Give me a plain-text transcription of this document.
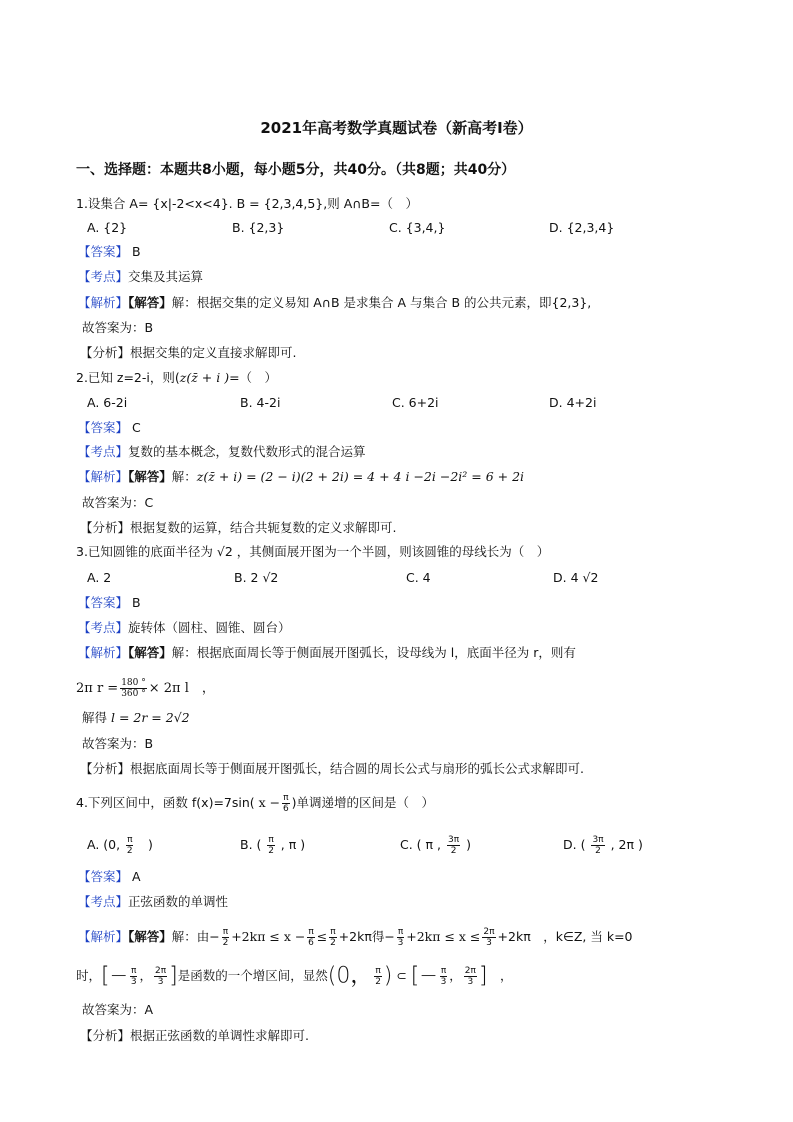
2021年高考数学真题试卷（新高考Ⅰ卷）
一、选择题：本题共8小题，每小题5分，共40分。（共8题；共40分）
1.设集合 A= {x|-2<x<4}. B = {2,3,4,5},则 A∩B=（　）
A. {2}	B. {2,3}	C. {3,4,}	D. {2,3,4}
【答案】 B
【考点】交集及其运算
【解析】【解答】解：根据交集的定义易知 A∩B 是求集合 A 与集合 B 的公共元素，即{2,3},
故答案为：B
【分析】根据交集的定义直接求解即可.
2.已知 z=2-i，则(z(z̄ + i )=（　）
A. 6-2i	B. 4-2i	C. 6+2i	D. 4+2i
【答案】 C
【考点】复数的基本概念，复数代数形式的混合运算
【解析】【解答】解：z(z̄ + i) = (2 − i)(2 + 2i) = 4 + 4 i −2i −2i² = 6 + 2i
故答案为：C
【分析】根据复数的运算，结合共轭复数的定义求解即可.
3.已知圆锥的底面半径为 √2 ，其侧面展开图为一个半圆，则该圆锥的母线长为（　）
A. 2	B. 2 √2	C. 4	D. 4 √2
【答案】 B
【考点】旋转体（圆柱、圆锥、圆台）
【解析】【解答】解：根据底面周长等于侧面展开图弧长，设母线为 l，底面半径为 r，则有
2π $r = \frac{180 ^\circ}{360 ^\circ} \times 2\pi$ l　，
解得 l = 2r = 2√2
故答案为：B
【分析】根据底面周长等于侧面展开图弧长，结合圆的周长公式与扇形的弧长公式求解即可.
4.下列区间中，函数 f(x)=7sin( $x - \frac{\pi}{6}$ )单调递增的区间是（　）
A. (0, $\frac{\pi}{2}$ 　)	B. ( $\frac{\pi}{2}$ , π )	C. ( π , $\frac{3\pi}{2}$ )	D. ( $\frac{3\pi}{2}$ , 2π )
【答案】 A
【考点】正弦函数的单调性
【解析】【解答】解：由− $\frac{\pi}{2} +2k\pi \le x - \frac{\pi}{6} \le \frac{\pi}{2} +2k\pi$得− $\frac{\pi}{3} +2k\pi \le x \le \frac{2\pi}{3} +2k\pi$　，k∈Z, 当 k=0
时，[− $\frac{\pi}{3}$ ， $\frac{2\pi}{3}$ ]是函数的一个增区间，显然(0， $\frac{\pi}{2}$ ) ⊂ [− $\frac{\pi}{3}$ ， $\frac{2\pi}{3}$ ]　，
故答案为：A
【分析】根据正弦函数的单调性求解即可.
